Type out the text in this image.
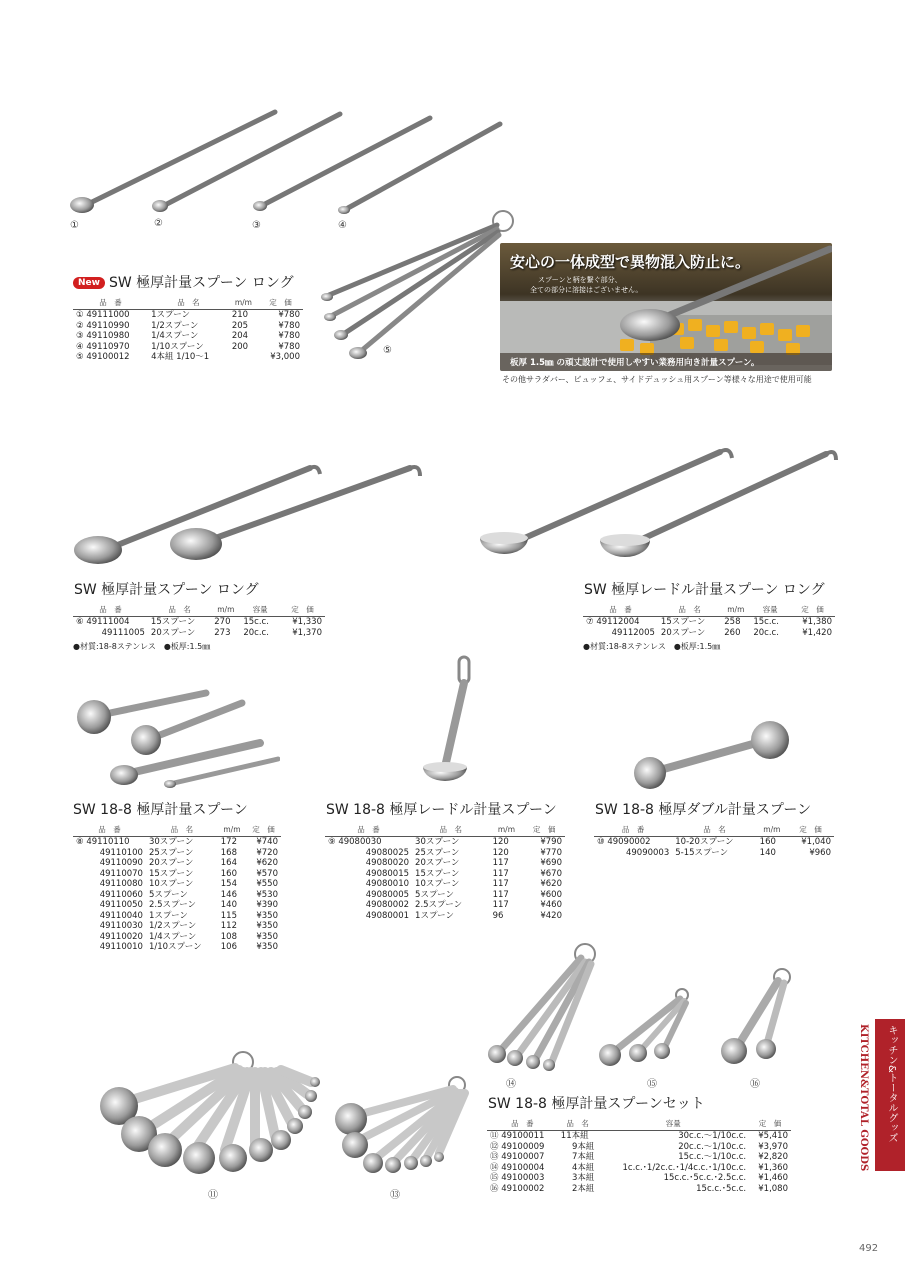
①	②	③	④
⑤
New SW 極厚計量スプーン ロング
品　番	品　名	m/m	定　価
① 49111000	1スプーン	210	¥780
② 49110990	1/2スプーン	205	¥780
③ 49110980	1/4スプーン	204	¥780
④ 49110970	1/10スプーン	200	¥780
⑤ 49100012	4本組 1/10〜1		¥3,000
安心の一体成型で異物混入防止に。
スプーンと柄を繋ぐ部分、
全ての部分に溶接はございません。
板厚 1.5㎜ の頑丈設計で使用しやすい業務用向き計量スプーン。
その他サラダバー、ビュッフェ、サイドデュッシュ用スプーン等様々な用途で使用可能
SW 極厚計量スプーン ロング
品　番	品　名	m/m	容量	定　価
⑥ 49111004	15スプーン	270	15c.c.	¥1,330
49111005	20スプーン	273	20c.c.	¥1,370
●材質:18-8ステンレス　●板厚:1.5㎜
SW 極厚レードル計量スプーン ロング
品　番	品　名	m/m	容量	定　価
⑦ 49112004	15スプーン	258	15c.c.	¥1,380
49112005	20スプーン	260	20c.c.	¥1,420
●材質:18-8ステンレス　●板厚:1.5㎜
SW 18-8 極厚計量スプーン
品　番	品　名	m/m	定　価
⑧ 49110110	30スプーン	172	¥740
49110100	25スプーン	168	¥720
49110090	20スプーン	164	¥620
49110070	15スプーン	160	¥570
49110080	10スプーン	154	¥550
49110060	5スプーン	146	¥530
49110050	2.5スプーン	140	¥390
49110040	1スプーン	115	¥350
49110030	1/2スプーン	112	¥350
49110020	1/4スプーン	108	¥350
49110010	1/10スプーン	106	¥350
SW 18-8 極厚レードル計量スプーン
品　番	品　名	m/m	定　価
⑨ 49080030	30スプーン	120	¥790
49080025	25スプーン	120	¥770
49080020	20スプーン	117	¥690
49080015	15スプーン	117	¥670
49080010	10スプーン	117	¥620
49080005	5スプーン	117	¥600
49080002	2.5スプーン	117	¥460
49080001	1スプーン	96	¥420
SW 18-8 極厚ダブル計量スプーン
品　番	品　名	m/m	定　価
⑩ 49090002	10-20スプーン	160	¥1,040
49090003	5-15スプーン	140	¥960
⑭	⑮	⑯
⑪	⑬
SW 18-8 極厚計量スプーンセット
品　番	品　名	容量	定　価
⑪ 49100011	11本組	30c.c.〜1/10c.c.	¥5,410
⑫ 49100009	9本組	20c.c.〜1/10c.c.	¥3,970
⑬ 49100007	7本組	15c.c.〜1/10c.c.	¥2,820
⑭ 49100004	4本組	1c.c.･1/2c.c.･1/4c.c.･1/10c.c.	¥1,360
⑮ 49100003	3本組	15c.c.･5c.c.･2.5c.c.	¥1,460
⑯ 49100002	2本組	15c.c.･5c.c.	¥1,080
キッチン&トータルグッズ
KITCHEN&TOTAL GOODS
492
